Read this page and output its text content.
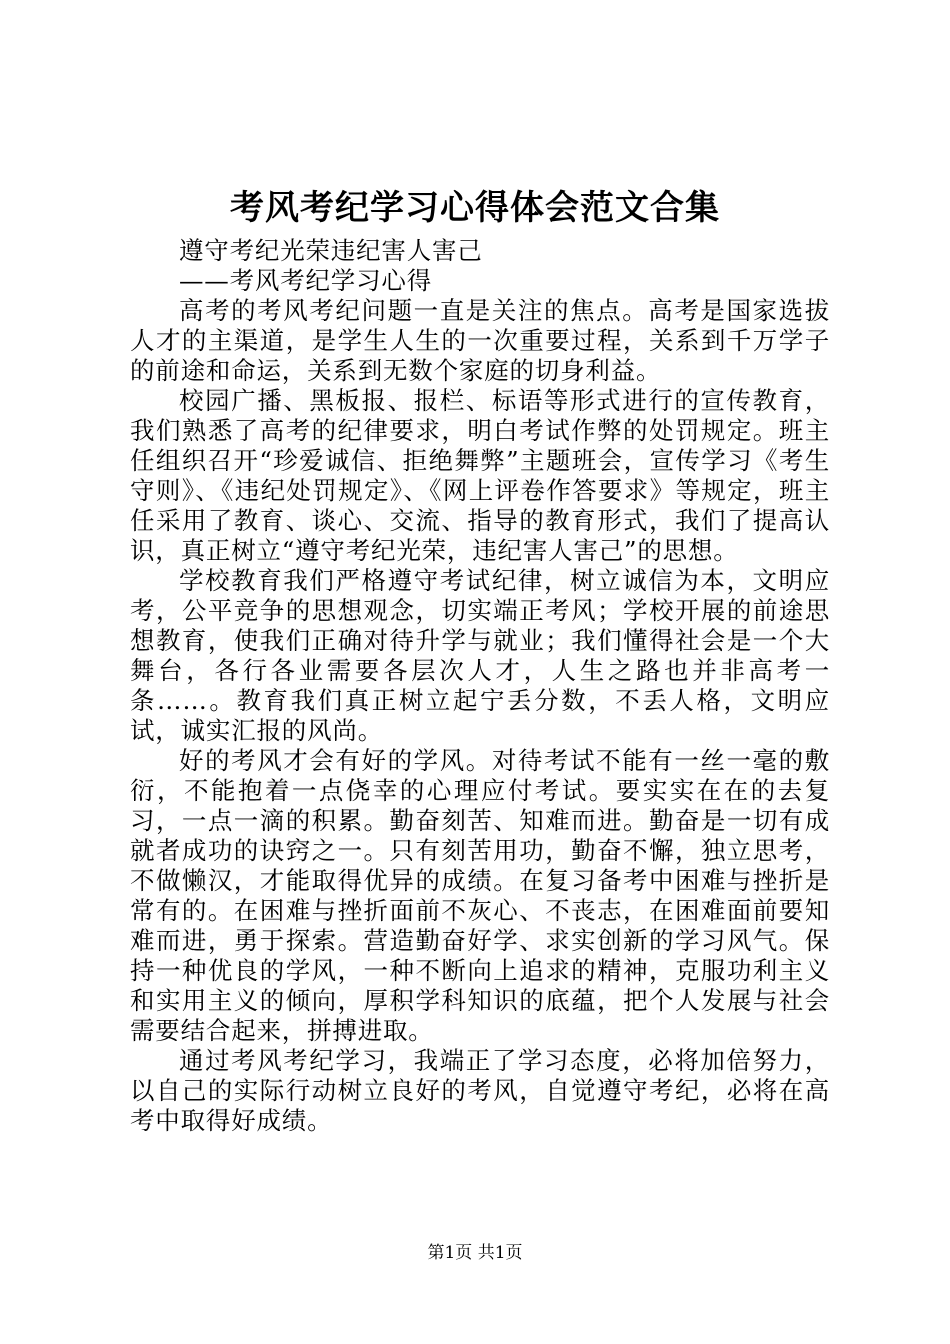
考风考纪学习心得体会范文合集

遵守考纪光荣违纪害人害己

——考风考纪学习心得

高考的考风考纪问题一直是关注的焦点。高考是国家选拔人才的主渠道，是学生人生的一次重要过程，关系到千万学子的前途和命运，关系到无数个家庭的切身利益。

校园广播、黑板报、报栏、标语等形式进行的宣传教育，我们熟悉了高考的纪律要求，明白考试作弊的处罚规定。班主任组织召开“珍爱诚信、拒绝舞弊”主题班会，宣传学习《考生守则》、《违纪处罚规定》、《网上评卷作答要求》等规定，班主任采用了教育、谈心、交流、指导的教育形式，我们了提高认识，真正树立“遵守考纪光荣，违纪害人害己”的思想。

学校教育我们严格遵守考试纪律，树立诚信为本，文明应考，公平竞争的思想观念，切实端正考风；学校开展的前途思想教育，使我们正确对待升学与就业；我们懂得社会是一个大舞台，各行各业需要各层次人才，人生之路也并非高考一条……。教育我们真正树立起宁丢分数，不丢人格，文明应试，诚实汇报的风尚。

好的考风才会有好的学风。对待考试不能有一丝一毫的敷衍，不能抱着一点侥幸的心理应付考试。要实实在在的去复习，一点一滴的积累。勤奋刻苦、知难而进。勤奋是一切有成就者成功的诀窍之一。只有刻苦用功，勤奋不懈，独立思考，不做懒汉，才能取得优异的成绩。在复习备考中困难与挫折是常有的。在困难与挫折面前不灰心、不丧志，在困难面前要知难而进，勇于探索。营造勤奋好学、求实创新的学习风气。保持一种优良的学风，一种不断向上追求的精神，克服功利主义和实用主义的倾向，厚积学科知识的底蕴，把个人发展与社会需要结合起来，拼搏进取。

通过考风考纪学习，我端正了学习态度，必将加倍努力，以自己的实际行动树立良好的考风，自觉遵守考纪，必将在高考中取得好成绩。

第1页 共1页
